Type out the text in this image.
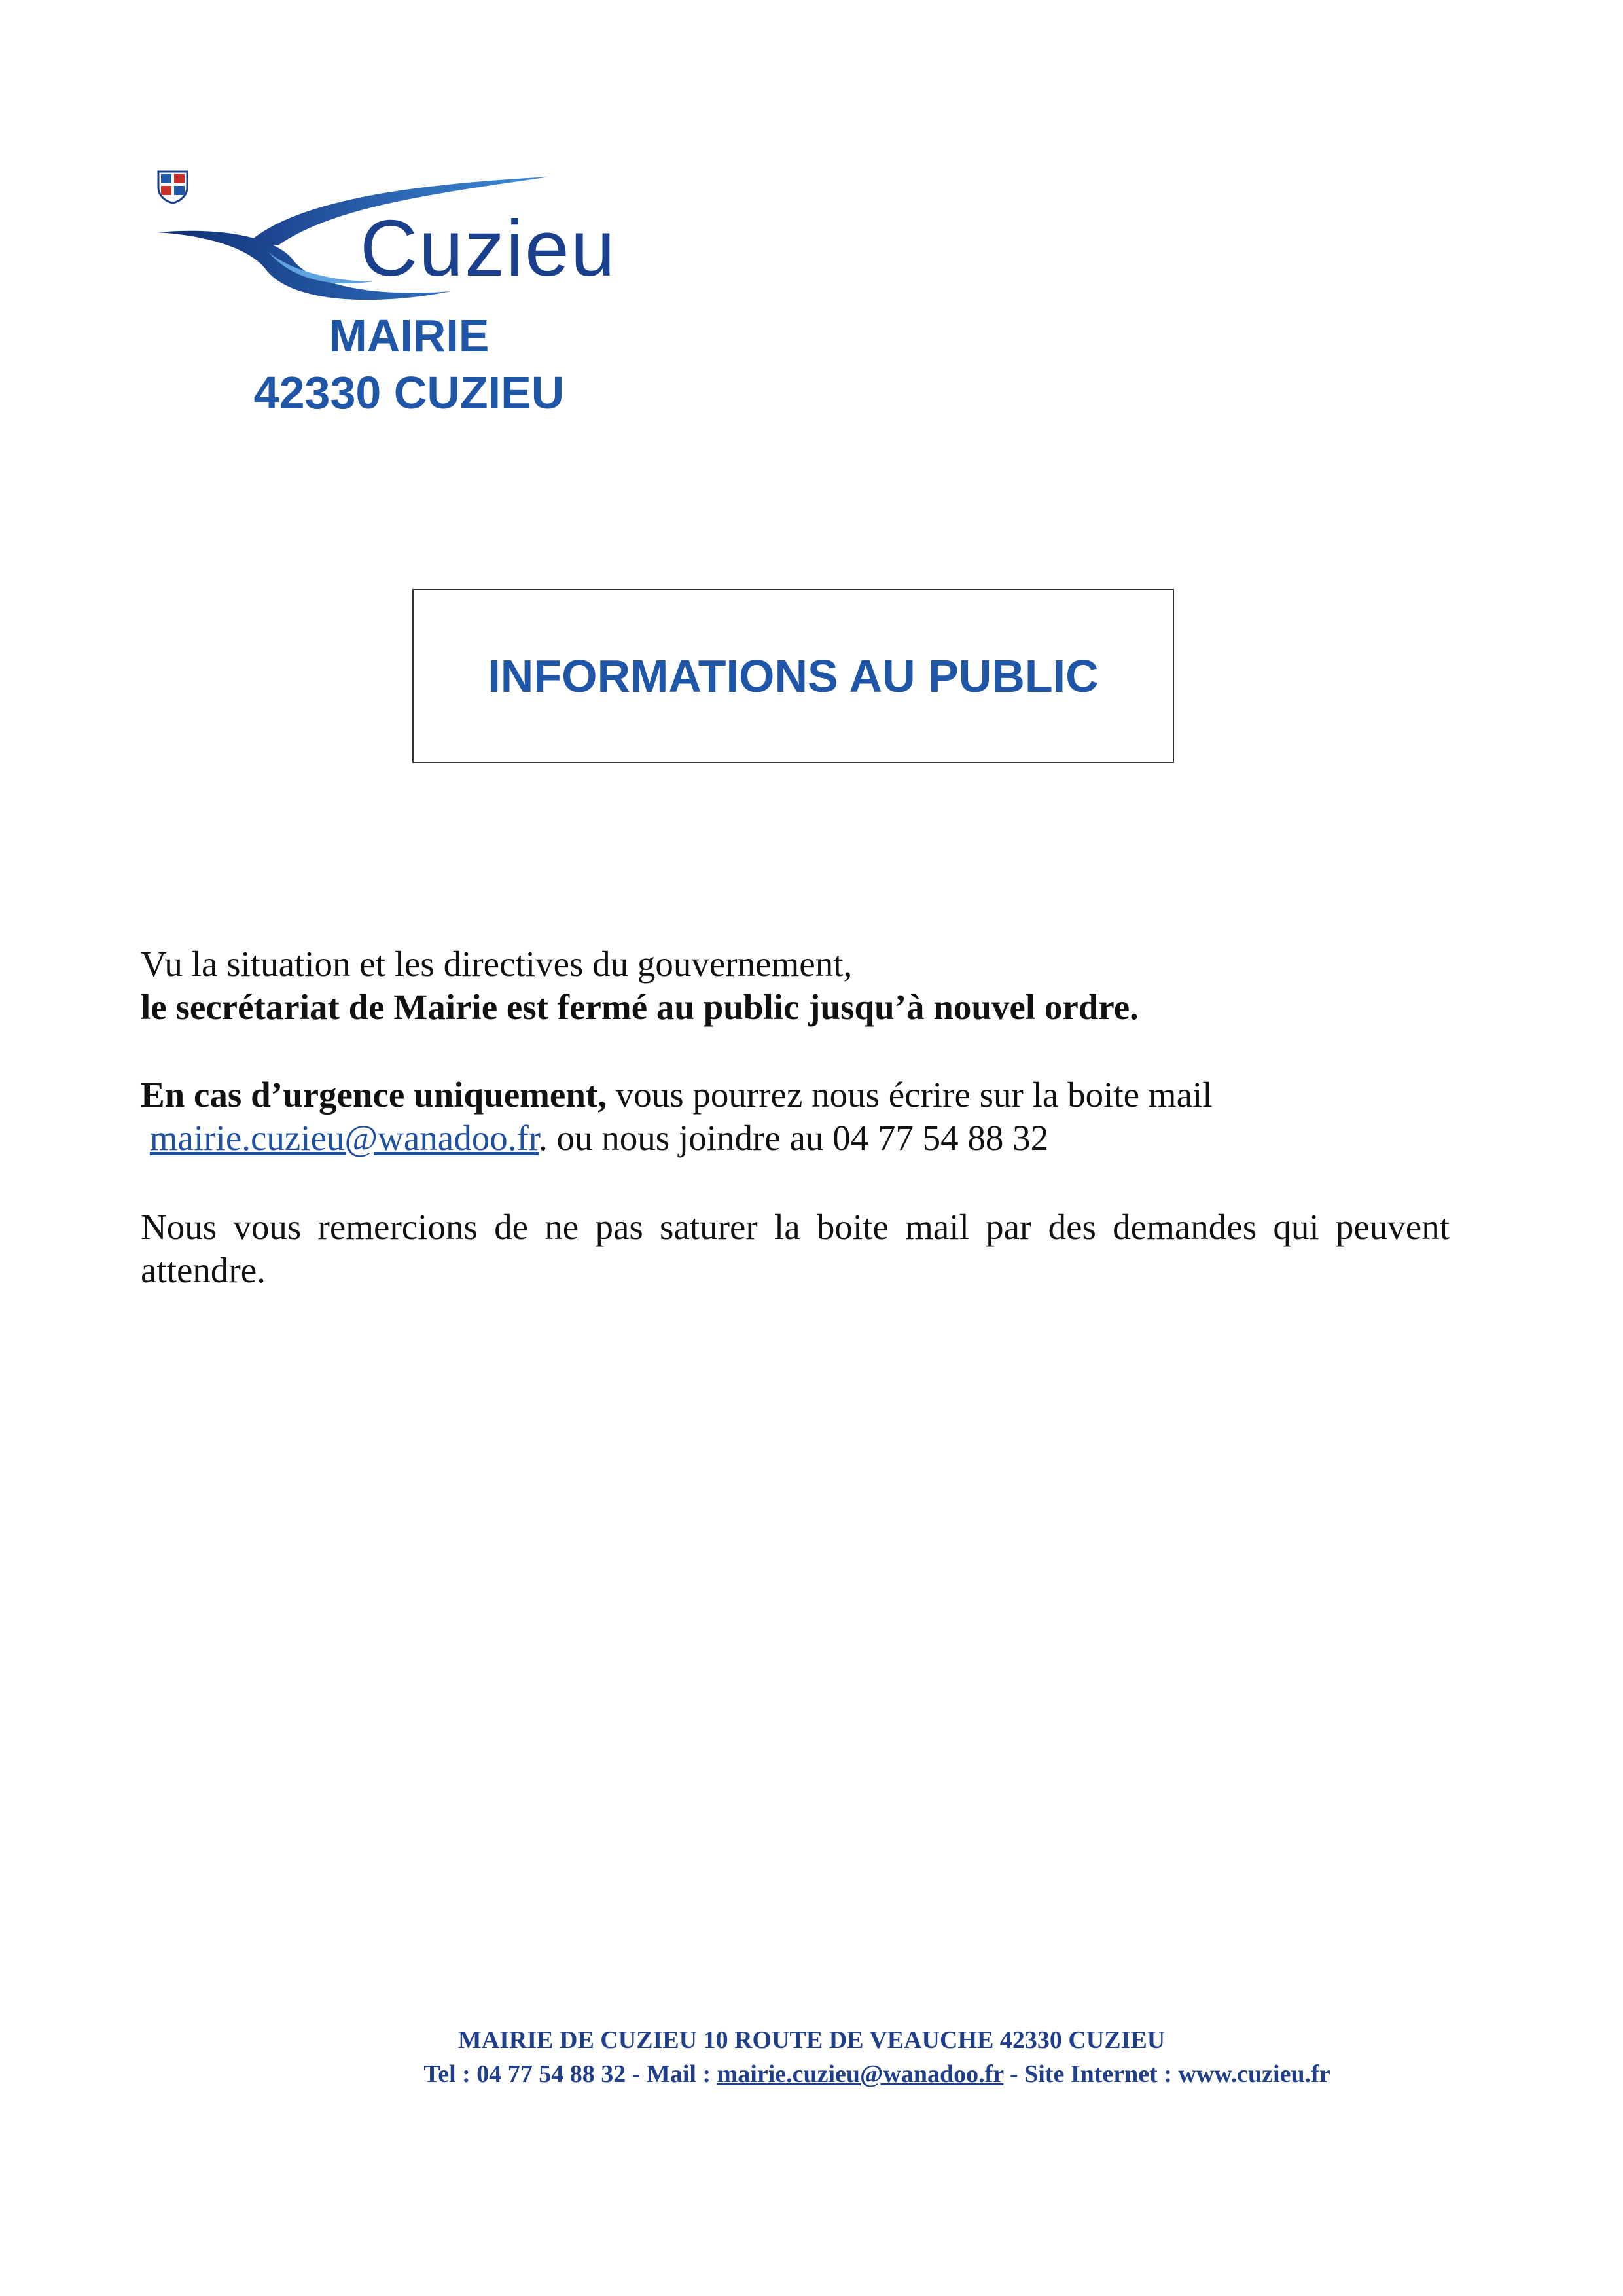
Cuzieu
MAIRIE
42330 CUZIEU
INFORMATIONS AU PUBLIC
Vu la situation et les directives du gouvernement,
le secrétariat de Mairie est fermé au public jusqu’à nouvel ordre.
En cas d’urgence uniquement, vous pourrez nous écrire sur la boite mail
mairie.cuzieu@wanadoo.fr. ou nous joindre au 04 77 54 88 32
Nous vous remercions de ne pas saturer la boite mail par des demandes qui peuvent attendre.
MAIRIE DE CUZIEU 10 ROUTE DE VEAUCHE 42330 CUZIEU
Tel : 04 77 54 88 32 - Mail : mairie.cuzieu@wanadoo.fr - Site Internet : www.cuzieu.fr
